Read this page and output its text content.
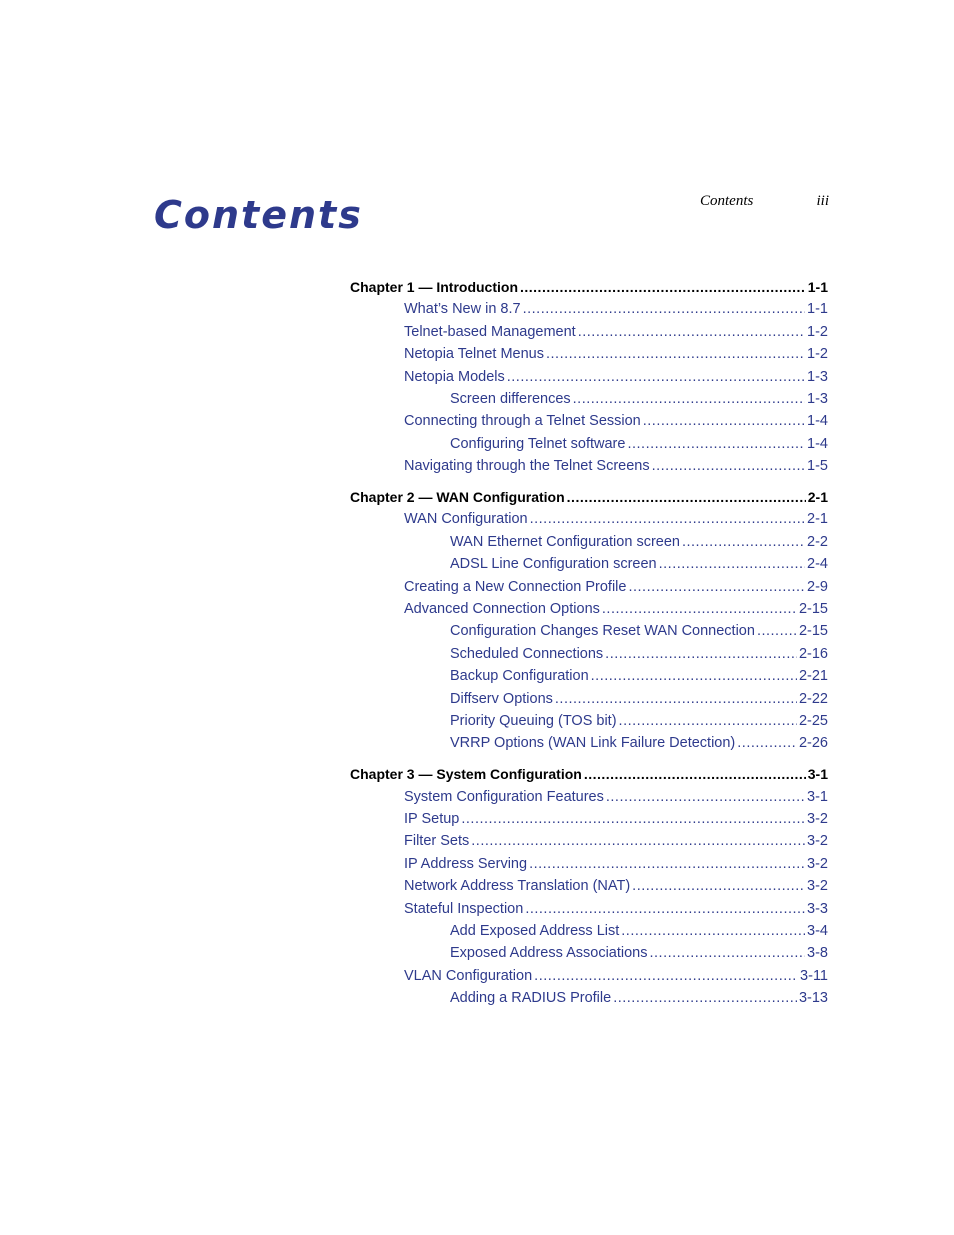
Contents	Contents	iii
Chapter 1 — Introduction .....	1-1
What’s New in 8.7 .....	1-1
Telnet-based Management .....	1-2
Netopia Telnet Menus .....	1-2
Netopia Models .....	1-3
Screen differences .....	1-3
Connecting through a Telnet Session .....	1-4
Configuring Telnet software .....	1-4
Navigating through the Telnet Screens .....	1-5
Chapter 2 — WAN Configuration .....	2-1
WAN Configuration .....	2-1
WAN Ethernet Configuration screen .....	2-2
ADSL Line Configuration screen .....	2-4
Creating a New Connection Profile .....	2-9
Advanced Connection Options .....	2-15
Configuration Changes Reset WAN Connection .....	2-15
Scheduled Connections .....	2-16
Backup Configuration .....	2-21
Diffserv Options .....	2-22
Priority Queuing (TOS bit) .....	2-25
VRRP Options (WAN Link Failure Detection) .....	2-26
Chapter 3 — System Configuration .....	3-1
System Configuration Features .....	3-1
IP Setup .....	3-2
Filter Sets .....	3-2
IP Address Serving .....	3-2
Network Address Translation (NAT) .....	3-2
Stateful Inspection .....	3-3
Add Exposed Address List .....	3-4
Exposed Address Associations .....	3-8
VLAN Configuration .....	3-11
Adding a RADIUS Profile .....	3-13
